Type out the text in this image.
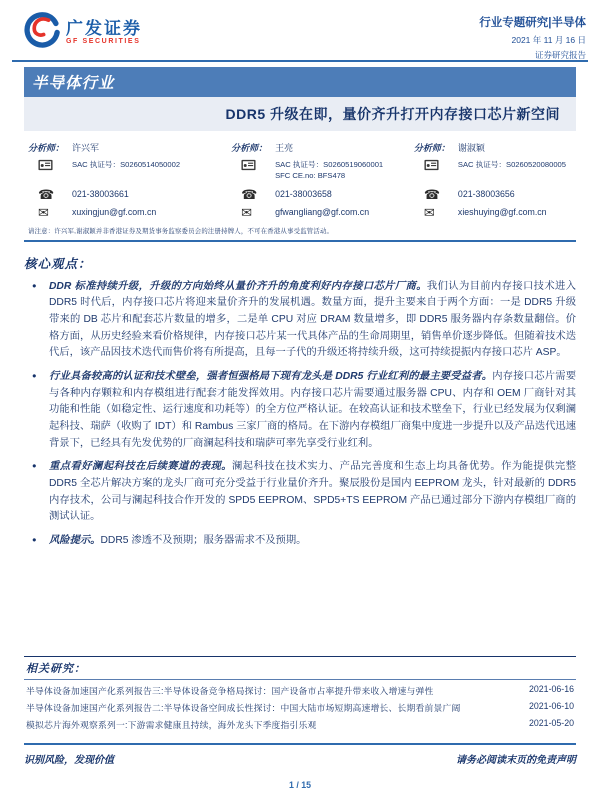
广发证券
GF SECURITIES
行业专题研究|半导体
2021 年 11 月 16 日
证券研究报告
半导体行业
DDR5 升级在即，量价齐升打开内存接口芯片新空间
分析师： 许兴军
SAC 执证号：S0260514050002
☎	021-38003661
✉	xuxingjun@gf.com.cn
分析师： 王亮
SAC 执证号：S0260519060001
SFC CE.no: BFS478
☎	021-38003658
✉	gfwangliang@gf.com.cn
分析师： 谢淑颖
SAC 执证号：S0260520080005
☎	021-38003656
✉	xieshuying@gf.com.cn
请注意：许兴军,谢淑颖并非香港证券及期货事务监察委员会的注册持牌人，不可在香港从事受监管活动。
核心观点：
● DDR 标准持续升级，升级的方向始终从量价齐升的角度利好内存接口芯片厂商。我们认为目前内存接口技术进入 DDR5 时代后，内存接口芯片将迎来量价齐升的发展机遇。数量方面，提升主要来自于两个方面：一是 DDR5 升级带来的 DB 芯片和配套芯片数量的增多，二是单 CPU 对应 DRAM 数量增多，即 DDR5 服务器内存条数量翻倍。价格方面，从历史经验来看价格规律，内存接口芯片某一代具体产品的生命周期里，销售单价逐步降低。但随着技术迭代后，该产品因技术迭代而售价将有所提高，且每一子代的升级还将持续升级，这可持续提振内存接口芯片 ASP。
● 行业具备较高的认证和技术壁垒，强者恒强格局下现有龙头是 DDR5 行业红利的最主要受益者。内存接口芯片需要与各种内存颗粒和内存模组进行配套才能发挥效用。内存接口芯片需要通过服务器 CPU、内存和 OEM 厂商针对其功能和性能（如稳定性、运行速度和功耗等）的全方位严格认证。在较高认证和技术壁垒下，行业已经发展为仅剩澜起科技、瑞萨（收购了 IDT）和 Rambus 三家厂商的格局。在下游内存模组厂商集中度进一步提升以及产品迭代迅速背景下，已经具有先发优势的厂商澜起科技和瑞萨可率先享受行业红利。
● 重点看好澜起科技在后续赛道的表现。澜起科技在技术实力、产品完善度和生态上均具备优势。作为能提供完整 DDR5 全芯片解决方案的龙头厂商可充分受益于行业量价齐升。聚辰股份是国内 EEPROM 龙头，针对最新的 DDR5 内存技术，公司与澜起科技合作开发的 SPD5 EEPROM、SPD5+TS EEPROM 产品已通过部分下游内存模组厂商的测试认证。
● 风险提示。DDR5 渗透不及预期；服务器需求不及预期。
相关研究：
半导体设备加速国产化系列报告三:半导体设备竞争格局探讨：国产设备市占率提升带来收入增速与弹性	2021-06-16
半导体设备加速国产化系列报告二:半导体设备空间成长性探讨：中国大陆市场短期高速增长、长期看前景广阔	2021-06-10
模拟芯片海外观察系列一:下游需求健康且持续，海外龙头下季度指引乐观	2021-05-20
识别风险，发现价值	请务必阅读末页的免责声明
1 / 15
